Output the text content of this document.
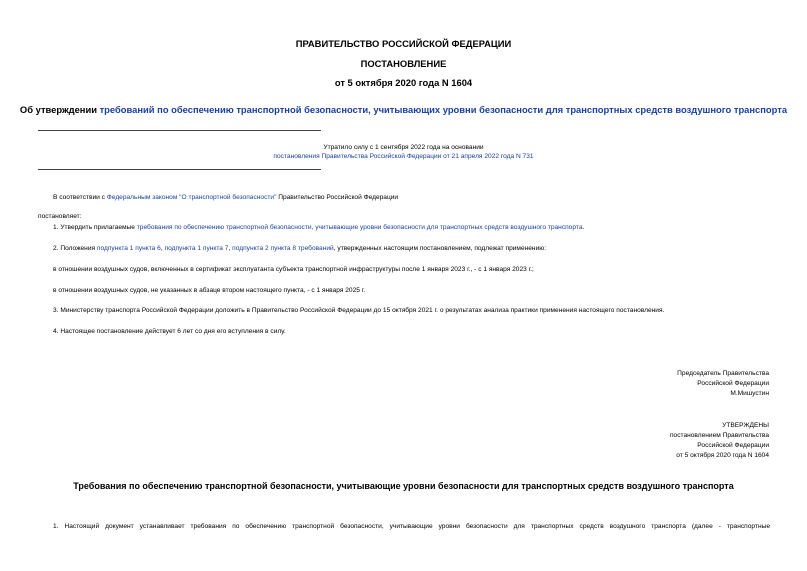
ПРАВИТЕЛЬСТВО РОССИЙСКОЙ ФЕДЕРАЦИИ
ПОСТАНОВЛЕНИЕ
от 5 октября 2020 года N 1604
Об утверждении требований по обеспечению транспортной безопасности, учитывающих уровни безопасности для транспортных средств воздушного транспорта
Утратило силу с 1 сентября 2022 года на основании
постановления Правительства Российской Федерации от 21 апреля 2022 года N 731
В соответствии с Федеральным законом "О транспортной безопасности" Правительство Российской Федерации
постановляет:
1. Утвердить прилагаемые требования по обеспечению транспортной безопасности, учитывающие уровни безопасности для транспортных средств воздушного транспорта.
2. Положения подпункта 1 пункта 6, подпункта 1 пункта 7, подпункта 2 пункта 8 требований, утвержденных настоящим постановлением, подлежат применению:
в отношении воздушных судов, включенных в сертификат эксплуатанта субъекта транспортной инфраструктуры после 1 января 2023 г., - с 1 января 2023 г.;
в отношении воздушных судов, не указанных в абзаце втором настоящего пункта, - с 1 января 2025 г.
3. Министерству транспорта Российской Федерации доложить в Правительство Российской Федерации до 15 октября 2021 г. о результатах анализа практики применения настоящего постановления.
4. Настоящее постановление действует 6 лет со дня его вступления в силу.
Председатель Правительства
Российской Федерации
М.Мишустин
УТВЕРЖДЕНЫ
постановлением Правительства
Российской Федерации
от 5 октября 2020 года N 1604
Требования по обеспечению транспортной безопасности, учитывающие уровни безопасности для транспортных средств воздушного транспорта
1. Настоящий документ устанавливает требования по обеспечению транспортной безопасности, учитывающие уровни безопасности для транспортных средств воздушного транспорта (далее - транспортные
